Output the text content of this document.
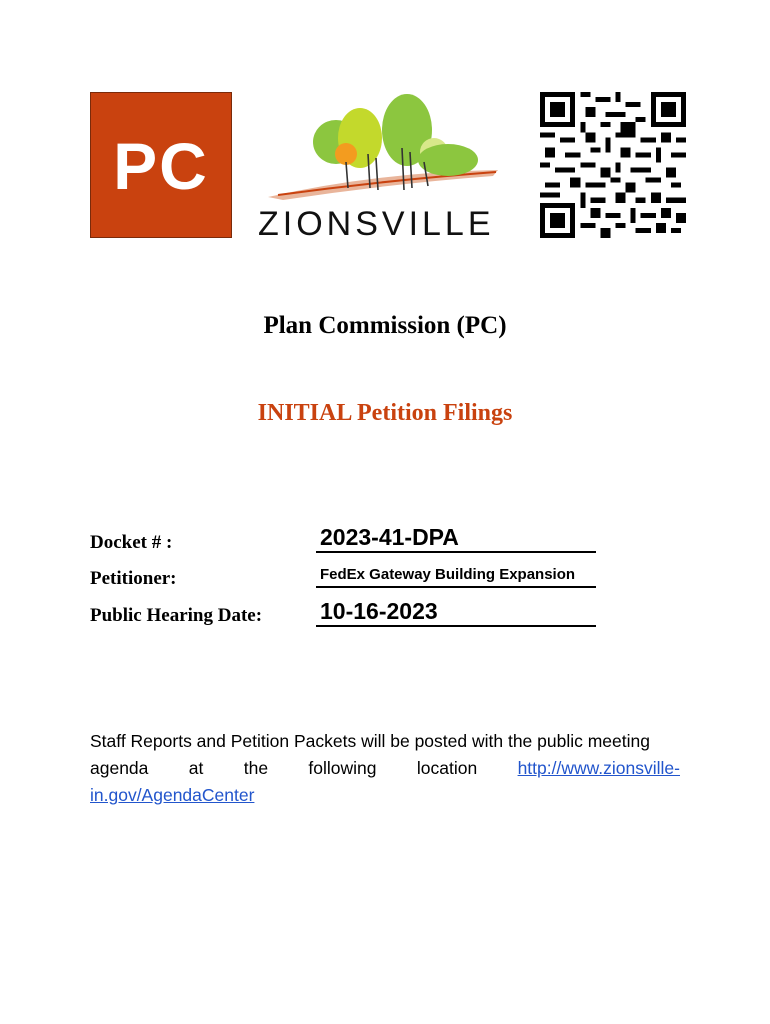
PC
ZIONSVILLE
Plan Commission (PC)
INITIAL Petition Filings
Docket # :	2023-41-DPA
Petitioner:	FedEx Gateway Building Expansion
Public Hearing Date:	10-16-2023
Staff Reports and Petition Packets will be posted with the public meeting
agenda at the following location http://www.zionsville-
in.gov/AgendaCenter
